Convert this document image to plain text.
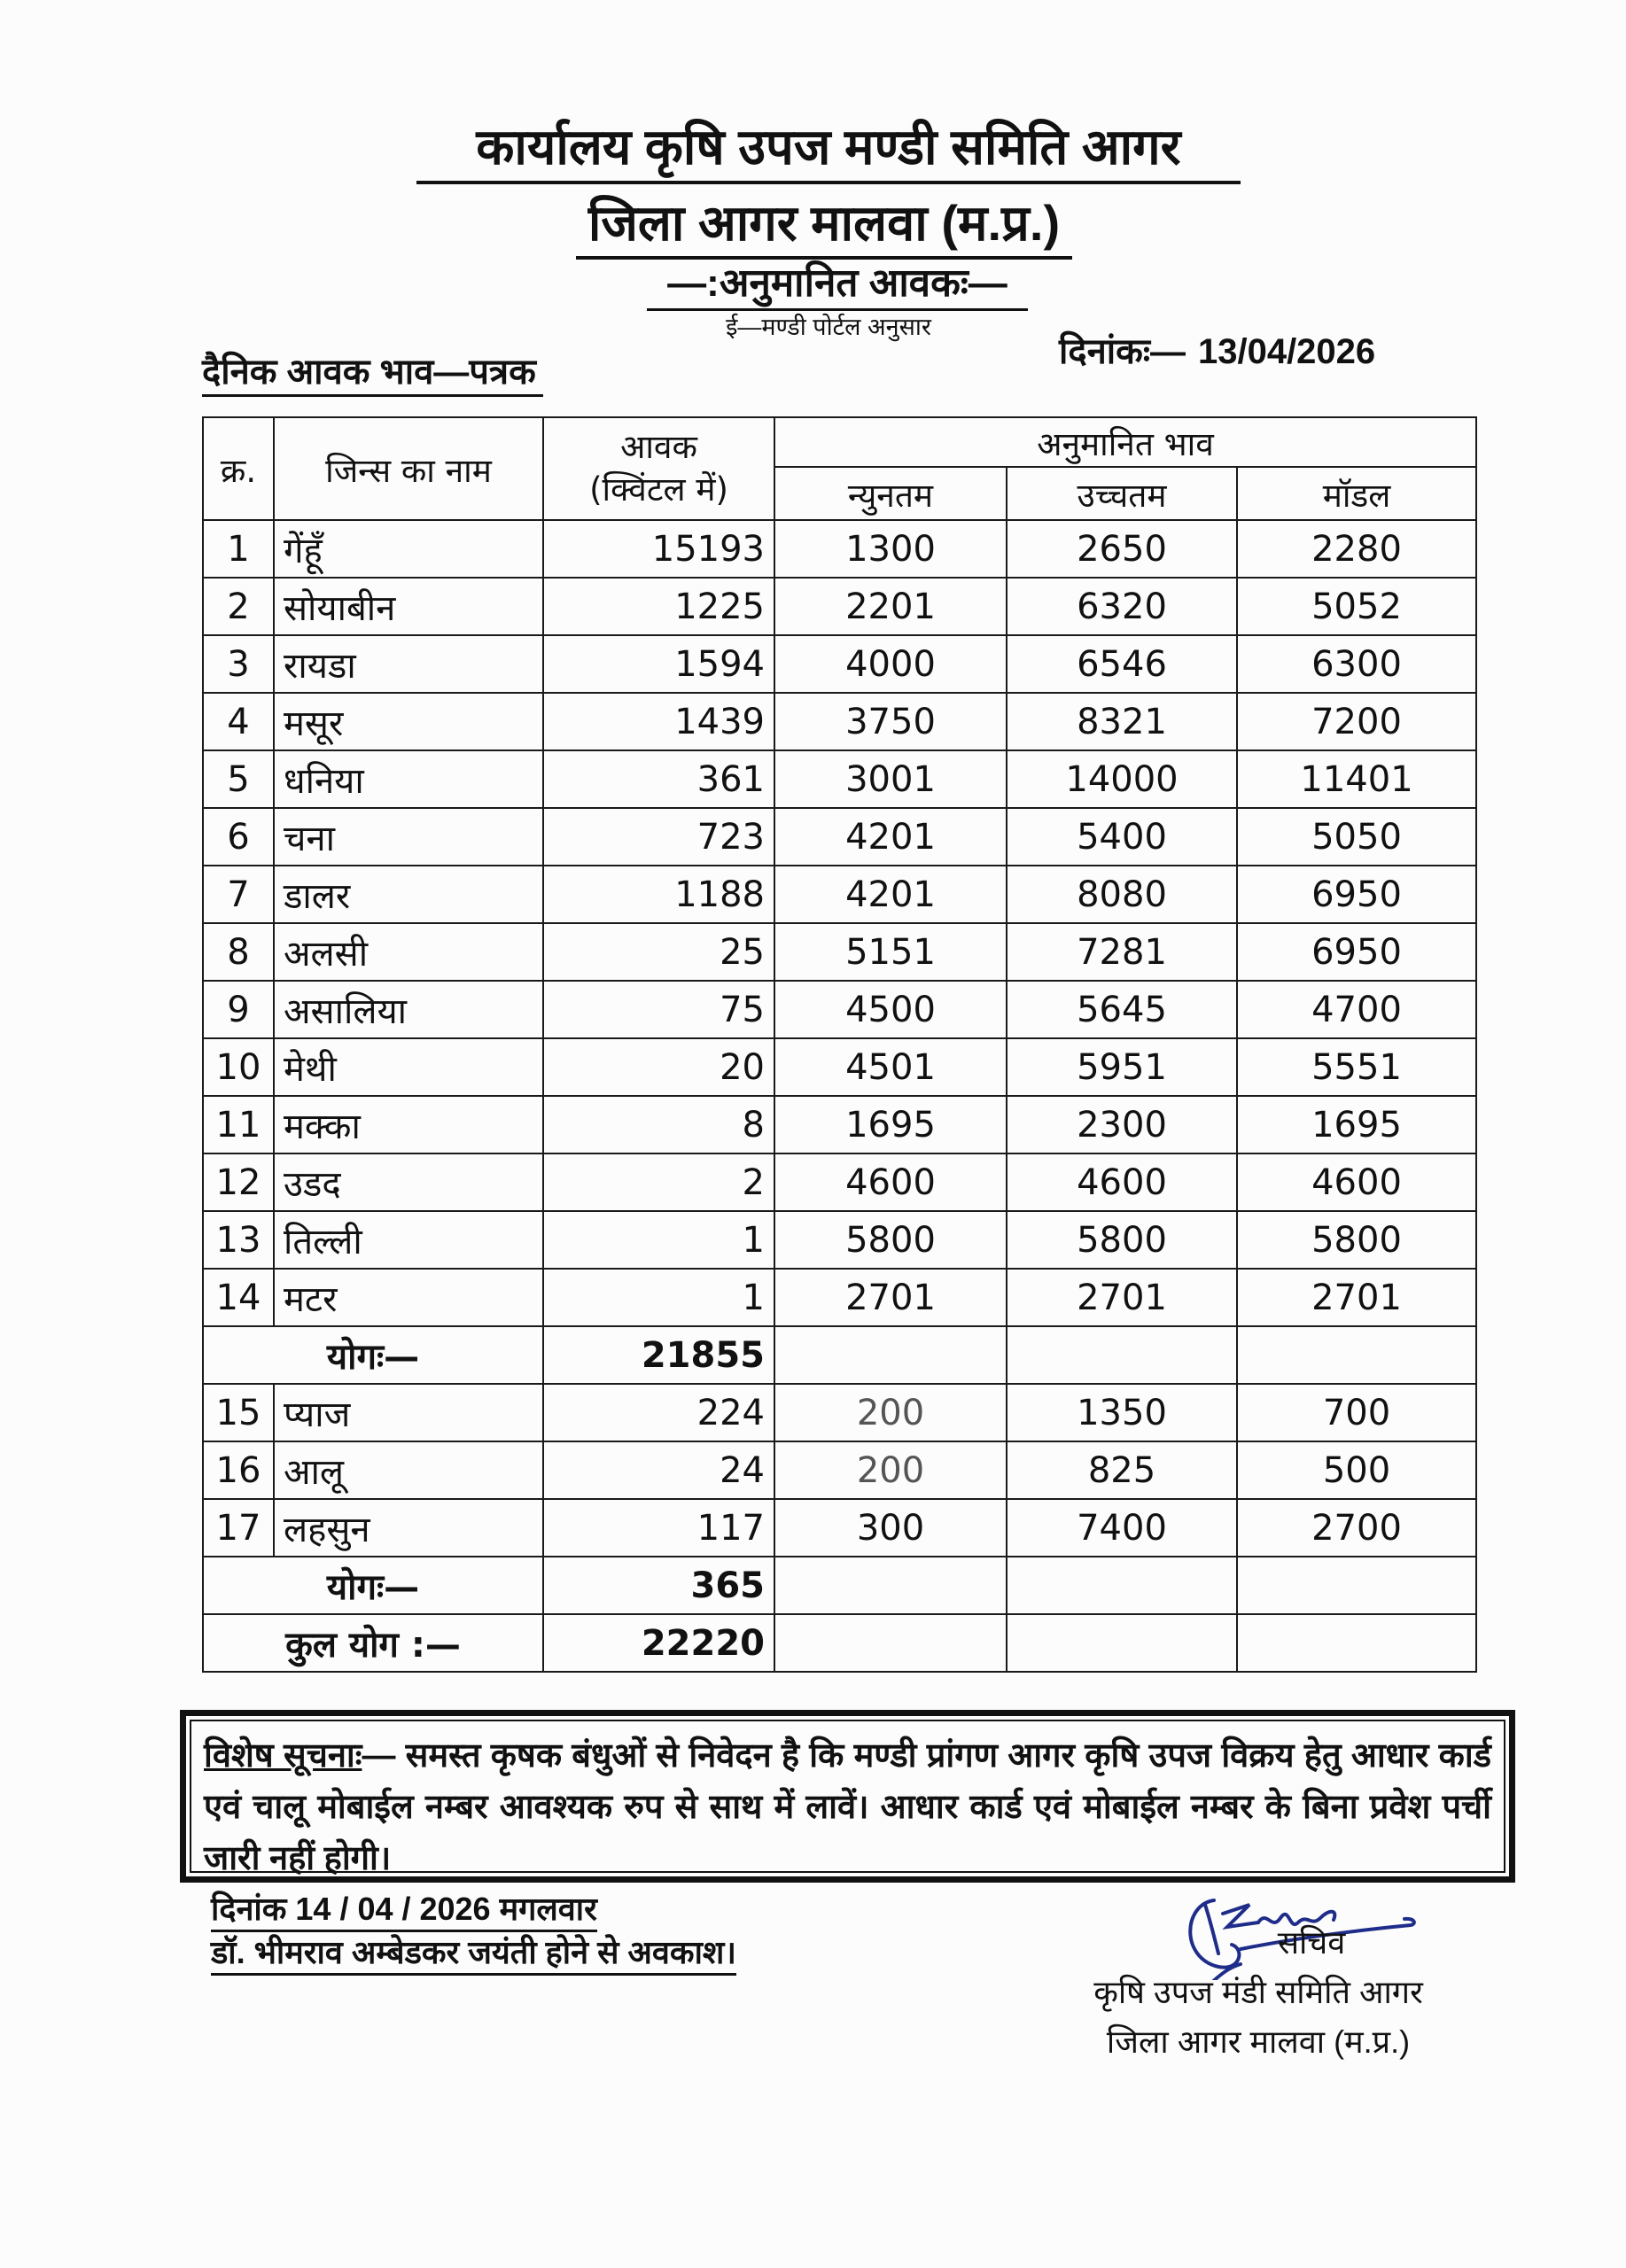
कार्यालय कृषि उपज मण्डी समिति आगर
जिला आगर मालवा (म.प्र.)
—:अनुमानित आवकः—
ई—मण्डी पोर्टल अनुसार
दैनिक आवक भाव—पत्रक
दिनांकः— 13/04/2026
क्र.	जिन्स का नाम	आवक
(क्विंटल में)	अनुमानित भाव		
			न्युनतम	उच्चतम	मॉडल
1	गेंहूँ	15193	1300	2650	2280
2	सोयाबीन	1225	2201	6320	5052
3	रायडा	1594	4000	6546	6300
4	मसूर	1439	3750	8321	7200
5	धनिया	361	3001	14000	11401
6	चना	723	4201	5400	5050
7	डालर	1188	4201	8080	6950
8	अलसी	25	5151	7281	6950
9	असालिया	75	4500	5645	4700
10	मेथी	20	4501	5951	5551
11	मक्का	8	1695	2300	1695
12	उडद	2	4600	4600	4600
13	तिल्ली	1	5800	5800	5800
14	मटर	1	2701	2701	2701
योगः—		21855			
15	प्याज	224	200	1350	700
16	आलू	24	200	825	500
17	लहसुन	117	300	7400	2700
योगः—		365			
कुल योग :—		22220			
विशेष सूचनाः— समस्त कृषक बंधुओं से निवेदन है कि मण्डी प्रांगण आगर कृषि उपज विक्रय हेतु आधार कार्ड एवं चालू मोबाईल नम्बर आवश्यक रुप से साथ में लावें। आधार कार्ड एवं मोबाईल नम्बर के बिना प्रवेश पर्ची जारी नहीं होगी।
दिनांक 14 / 04 / 2026 मगलवार
डॉ. भीमराव अम्बेडकर जयंती होने से अवकाश।	सचिव
कृषि उपज मंडी समिति आगर
जिला आगर मालवा (म.प्र.)
